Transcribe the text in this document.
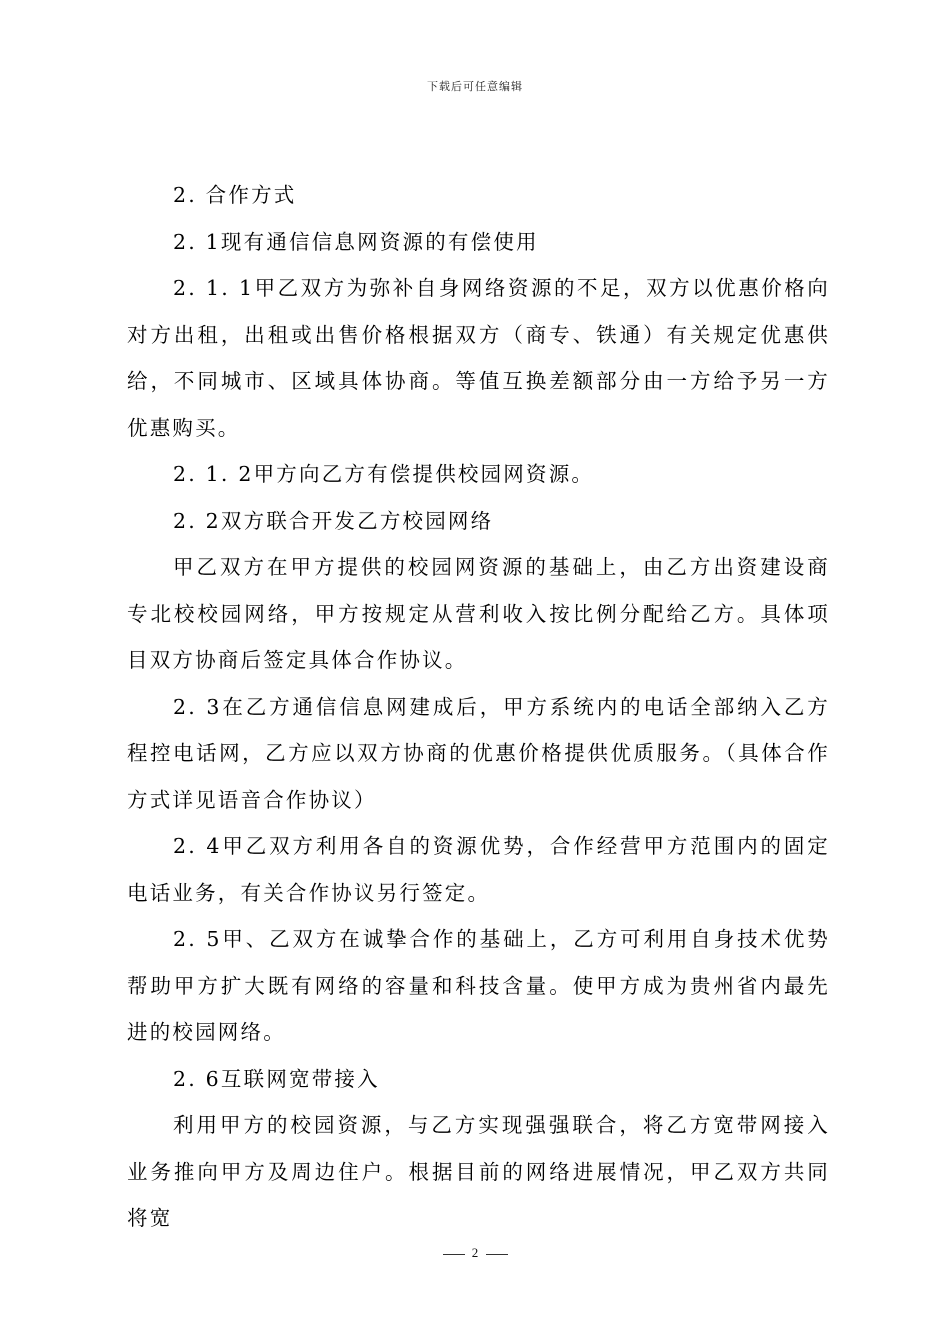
下载后可任意编辑

2. 合作方式

2. 1现有通信信息网资源的有偿使用

2. 1. 1甲乙双方为弥补自身网络资源的不足，双方以优惠价格向对方出租，出租或出售价格根据双方（商专、铁通）有关规定优惠供给，不同城市、区域具体协商。等值互换差额部分由一方给予另一方优惠购买。

2. 1. 2甲方向乙方有偿提供校园网资源。

2. 2双方联合开发乙方校园网络

甲乙双方在甲方提供的校园网资源的基础上，由乙方出资建设商专北校校园网络，甲方按规定从营利收入按比例分配给乙方。具体项目双方协商后签定具体合作协议。

2. 3在乙方通信信息网建成后，甲方系统内的电话全部纳入乙方程控电话网，乙方应以双方协商的优惠价格提供优质服务。（具体合作方式详见语音合作协议）

2. 4甲乙双方利用各自的资源优势，合作经营甲方范围内的固定电话业务，有关合作协议另行签定。

2. 5甲、乙双方在诚挚合作的基础上，乙方可利用自身技术优势帮助甲方扩大既有网络的容量和科技含量。使甲方成为贵州省内最先进的校园网络。

2. 6互联网宽带接入

利用甲方的校园资源，与乙方实现强强联合，将乙方宽带网接入业务推向甲方及周边住户。根据目前的网络进展情况，甲乙双方共同将宽

2
